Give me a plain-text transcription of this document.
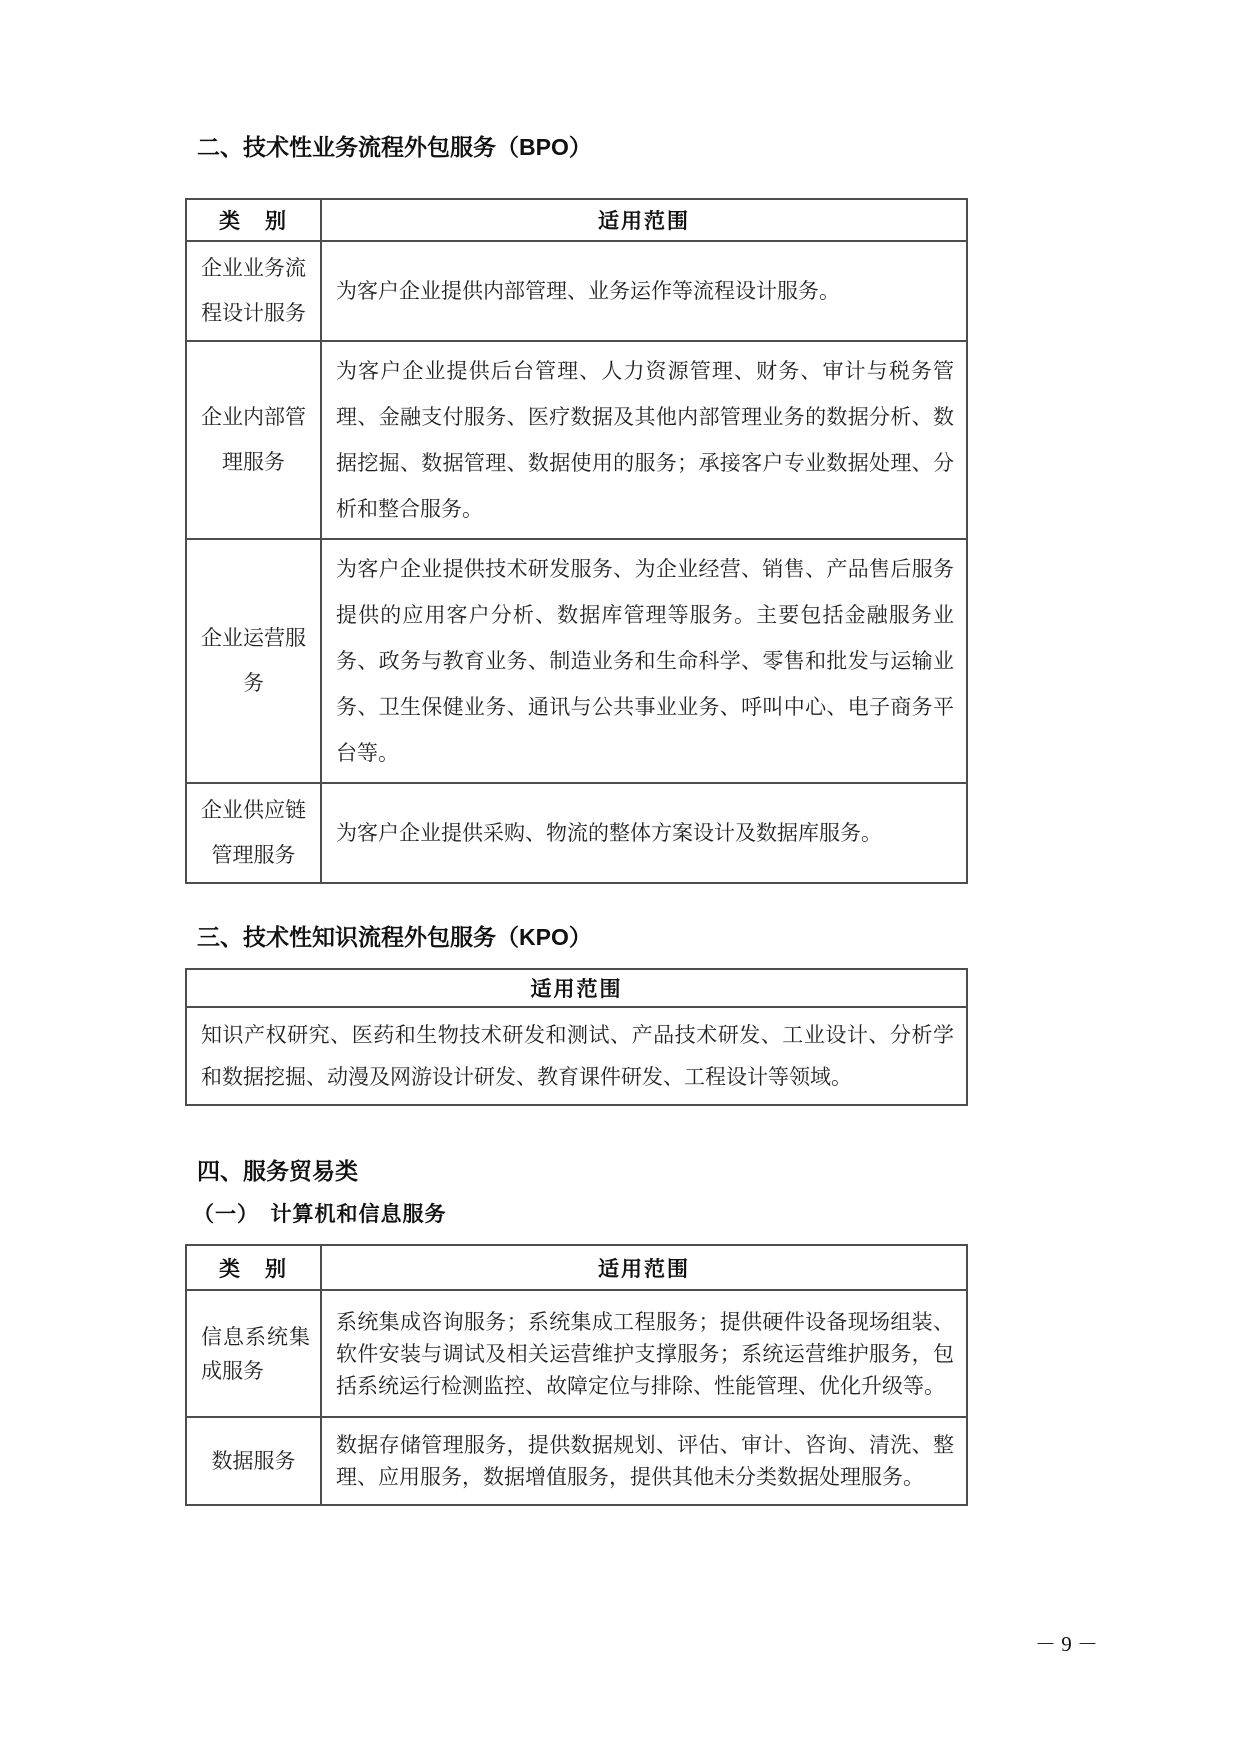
二、技术性业务流程外包服务（BPO）
类　别	适用范围
企业业务流程设计服务	为客户企业提供内部管理、业务运作等流程设计服务。
企业内部管理服务	为客户企业提供后台管理、人力资源管理、财务、审计与税务管理、金融支付服务、医疗数据及其他内部管理业务的数据分析、数据挖掘、数据管理、数据使用的服务；承接客户专业数据处理、分析和整合服务。
企业运营服务	为客户企业提供技术研发服务、为企业经营、销售、产品售后服务提供的应用客户分析、数据库管理等服务。主要包括金融服务业务、政务与教育业务、制造业务和生命科学、零售和批发与运输业务、卫生保健业务、通讯与公共事业业务、呼叫中心、电子商务平台等。
企业供应链管理服务	为客户企业提供采购、物流的整体方案设计及数据库服务。
三、技术性知识流程外包服务（KPO）
适用范围
知识产权研究、医药和生物技术研发和测试、产品技术研发、工业设计、分析学和数据挖掘、动漫及网游设计研发、教育课件研发、工程设计等领域。
四、服务贸易类
（一）　计算机和信息服务
类　别	适用范围
信息系统集成服务	系统集成咨询服务；系统集成工程服务；提供硬件设备现场组装、软件安装与调试及相关运营维护支撑服务；系统运营维护服务，包括系统运行检测监控、故障定位与排除、性能管理、优化升级等。
数据服务	数据存储管理服务，提供数据规划、评估、审计、咨询、清洗、整理、应用服务，数据增值服务，提供其他未分类数据处理服务。
－ 9 －
